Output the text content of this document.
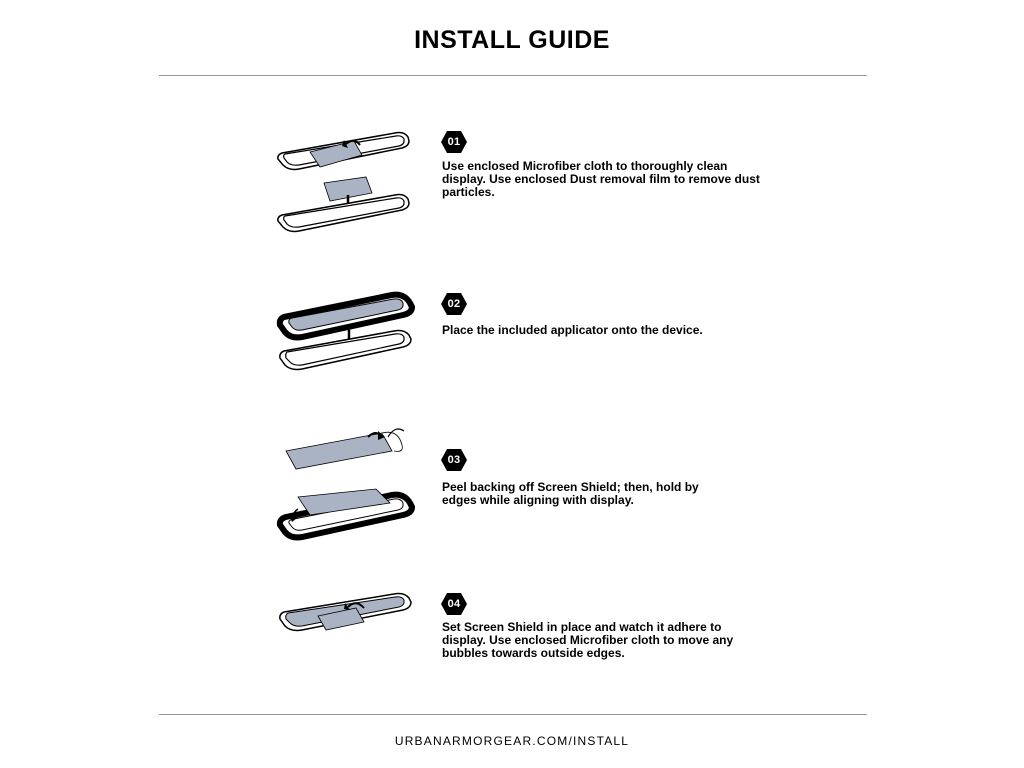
INSTALL GUIDE
01

Use enclosed Microfiber cloth to thoroughly clean display. Use enclosed Dust removal film to remove dust particles.

02

Place the included applicator onto the device.

03

Peel backing off Screen Shield; then, hold by edges while aligning with display.

04

Set Screen Shield in place and watch it adhere to display. Use enclosed Microfiber cloth to move any bubbles towards outside edges.

URBANARMORGEAR.COM/INSTALL
